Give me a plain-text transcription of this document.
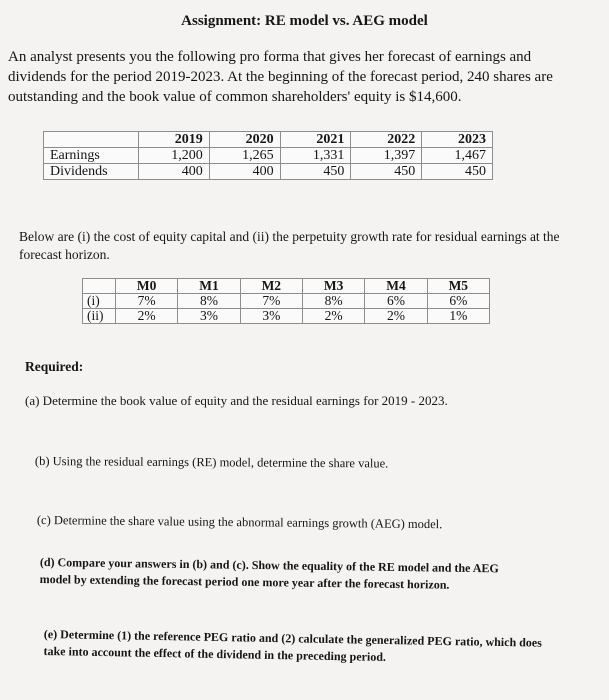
Assignment: RE model vs. AEG model
An analyst presents you the following pro forma that gives her forecast of earnings and dividends for the period 2019-2023. At the beginning of the forecast period, 240 shares are outstanding and the book value of common shareholders' equity is $14,600.
	2019	2020	2021	2022	2023
Earnings	1,200	1,265	1,331	1,397	1,467
Dividends	400	400	450	450	450
Below are (i) the cost of equity capital and (ii) the perpetuity growth rate for residual earnings at the forecast horizon.
	M0	M1	M2	M3	M4	M5
(i)	7%	8%	7%	8%	6%	6%
(ii)	2%	3%	3%	2%	2%	1%
Required:
(a) Determine the book value of equity and the residual earnings for 2019 - 2023.
(b) Using the residual earnings (RE) model, determine the share value.
(c) Determine the share value using the abnormal earnings growth (AEG) model.
(d) Compare your answers in (b) and (c). Show the equality of the RE model and the AEG model by extending the forecast period one more year after the forecast horizon.
(e) Determine (1) the reference PEG ratio and (2) calculate the generalized PEG ratio, which does take into account the effect of the dividend in the preceding period.
